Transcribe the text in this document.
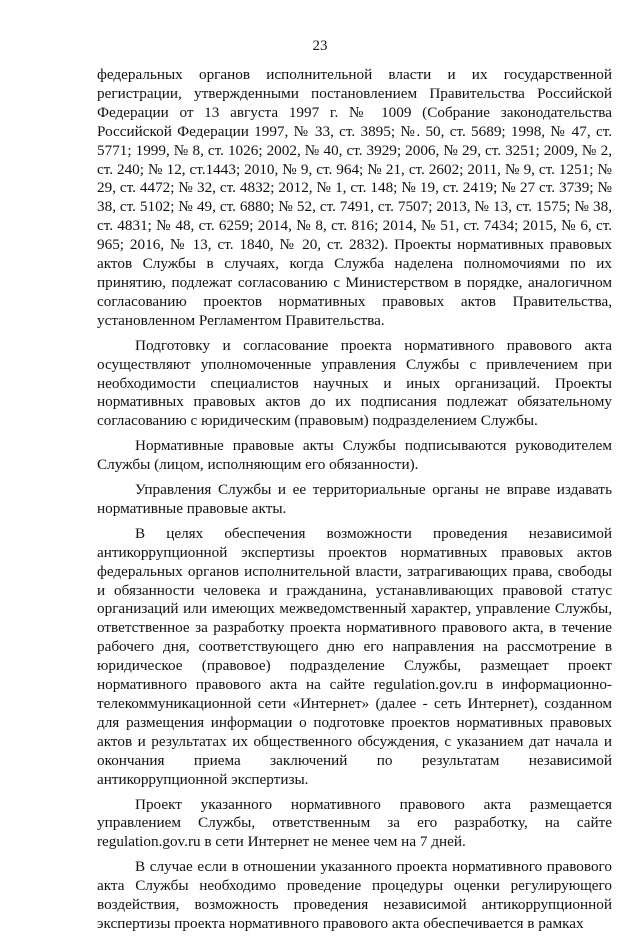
23

федеральных органов исполнительной власти и их государственной регистрации, утвержденными постановлением Правительства Российской Федерации от 13 августа 1997 г. № 1009 (Собрание законодательства Российской Федерации 1997, № 33, ст. 3895; №. 50, ст. 5689; 1998, № 47, ст. 5771; 1999, № 8, ст. 1026; 2002, № 40, ст. 3929; 2006, № 29, ст. 3251; 2009, № 2, ст. 240; № 12, ст.1443; 2010, № 9, ст. 964; № 21, ст. 2602; 2011, № 9, ст. 1251; № 29, ст. 4472; № 32, ст. 4832; 2012, № 1, ст. 148; № 19, ст. 2419; № 27 ст. 3739; № 38, ст. 5102; № 49, ст. 6880; № 52, ст. 7491, ст. 7507; 2013, № 13, ст. 1575; № 38, ст. 4831; № 48, ст. 6259; 2014, № 8, ст. 816; 2014, № 51, ст. 7434; 2015, № 6, ст. 965; 2016, № 13, ст. 1840, № 20, ст. 2832). Проекты нормативных правовых актов Службы в случаях, когда Служба наделена полномочиями по их принятию, подлежат согласованию с Министерством в порядке, аналогичном согласованию проектов нормативных правовых актов Правительства, установленном Регламентом Правительства.

Подготовку и согласование проекта нормативного правового акта осуществляют уполномоченные управления Службы с привлечением при необходимости специалистов научных и иных организаций. Проекты нормативных правовых актов до их подписания подлежат обязательному согласованию с юридическим (правовым) подразделением Службы.

Нормативные правовые акты Службы подписываются руководителем Службы (лицом, исполняющим его обязанности).

Управления Службы и ее территориальные органы не вправе издавать нормативные правовые акты.

В целях обеспечения возможности проведения независимой антикоррупционной экспертизы проектов нормативных правовых актов федеральных органов исполнительной власти, затрагивающих права, свободы и обязанности человека и гражданина, устанавливающих правовой статус организаций или имеющих межведомственный характер, управление Службы, ответственное за разработку проекта нормативного правового акта, в течение рабочего дня, соответствующего дню его направления на рассмотрение в юридическое (правовое) подразделение Службы, размещает проект нормативного правового акта на сайте regulation.gov.ru в информационно-телекоммуникационной сети «Интернет» (далее - сеть Интернет), созданном для размещения информации о подготовке проектов нормативных правовых актов и результатах их общественного обсуждения, с указанием дат начала и окончания приема заключений по результатам независимой антикоррупционной экспертизы.

Проект указанного нормативного правового акта размещается управлением Службы, ответственным за его разработку, на сайте regulation.gov.ru в сети Интернет не менее чем на 7 дней.

В случае если в отношении указанного проекта нормативного правового акта Службы необходимо проведение процедуры оценки регулирующего воздействия, возможность проведения независимой антикоррупционной экспертизы проекта нормативного правового акта обеспечивается в рамках
